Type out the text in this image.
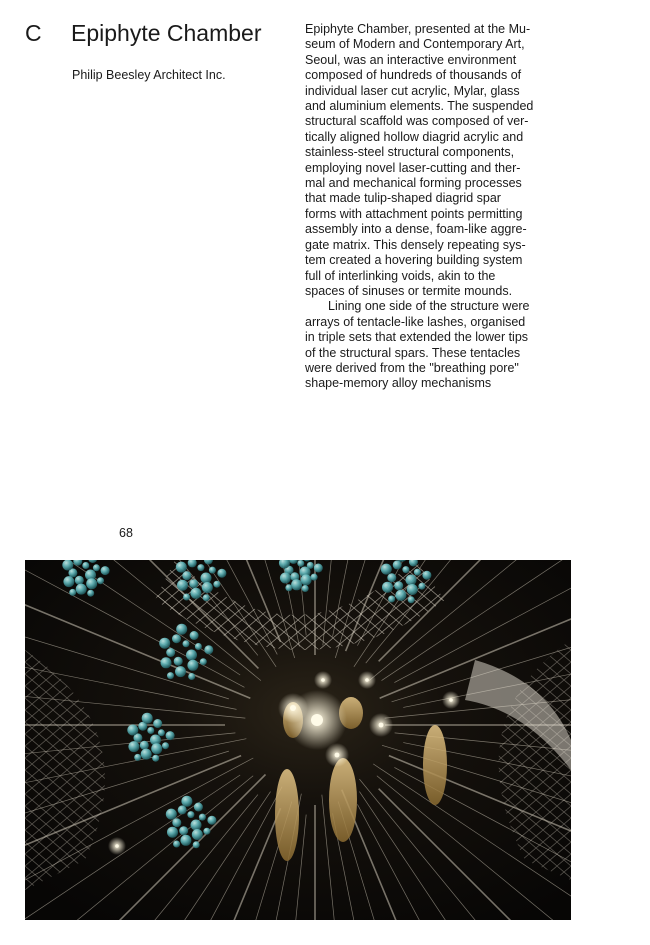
C Epiphyte Chamber
Philip Beesley Architect Inc.

Epiphyte Chamber, presented at the Mu-
seum of Modern and Contemporary Art,
Seoul, was an interactive environment
composed of hundreds of thousands of
individual laser cut acrylic, Mylar, glass
and aluminium elements. The suspended
structural scaffold was composed of ver-
tically aligned hollow diagrid acrylic and
stainless-steel structural components,
employing novel laser-cutting and ther-
mal and mechanical forming processes
that made tulip-shaped diagrid spar
forms with attachment points permitting
assembly into a dense, foam-like aggre-
gate matrix. This densely repeating sys-
tem created a hovering building system
full of interlinking voids, akin to the
spaces of sinuses or termite mounds.

Lining one side of the structure were
arrays of tentacle-like lashes, organised
in triple sets that extended the lower tips
of the structural spars. These tentacles
were derived from the "breathing pore"
shape-memory alloy mechanisms

68
